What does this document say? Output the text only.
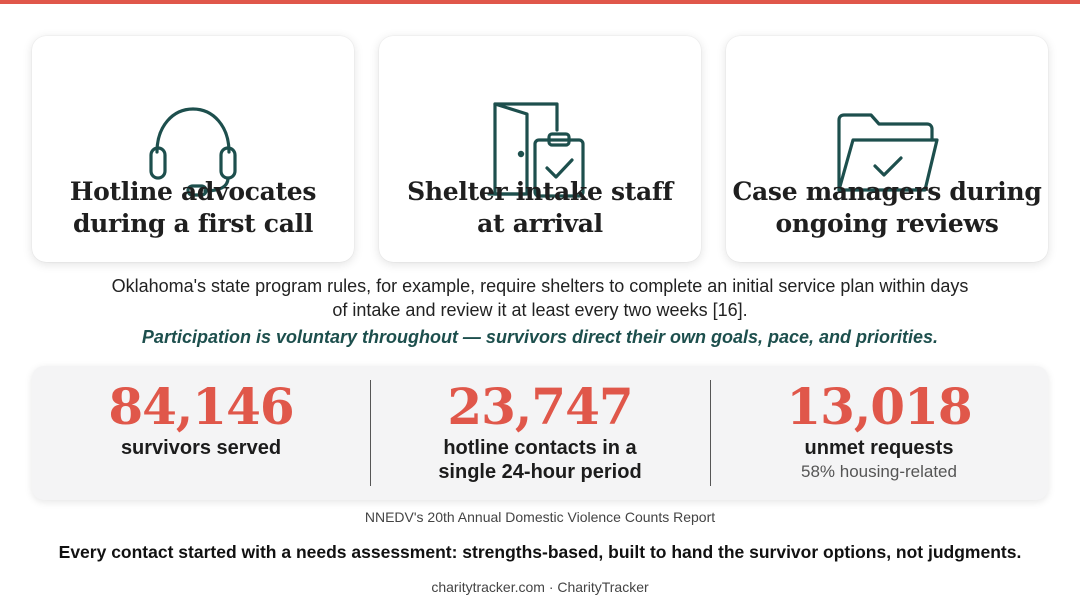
Hotline advocates
during a first call
Shelter intake staff
at arrival
Case managers during
ongoing reviews
Oklahoma's state program rules, for example, require shelters to complete an initial service plan within days
of intake and review it at least every two weeks [16].
Participation is voluntary throughout — survivors direct their own goals, pace, and priorities.
84,146
survivors served
23,747
hotline contacts in a
single 24-hour period
13,018
unmet requests
58% housing-related
NNEDV's 20th Annual Domestic Violence Counts Report
Every contact started with a needs assessment: strengths-based, built to hand the survivor options, not judgments.
charitytracker.com · CharityTracker
